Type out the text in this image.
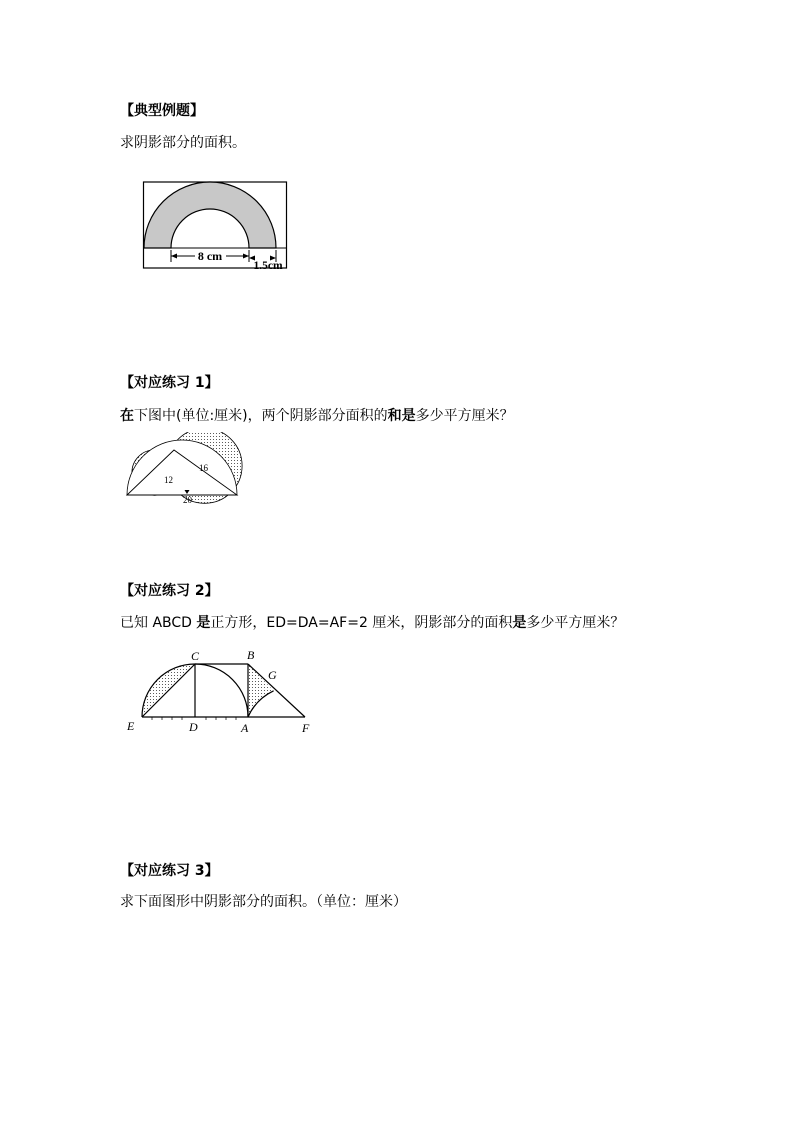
【典型例题】
求阴影部分的面积。
8 cm
1.5cm
【对应练习 1】
在下图中(单位:厘米)，两个阴影部分面积的和是多少平方厘米？
12
16
20
【对应练习 2】
已知 ABCD 是正方形，ED=DA=AF=2 厘米，阴影部分的面积是多少平方厘米？
C	B
G
E	D	A	F
【对应练习 3】
求下面图形中阴影部分的面积。（单位：厘米）
